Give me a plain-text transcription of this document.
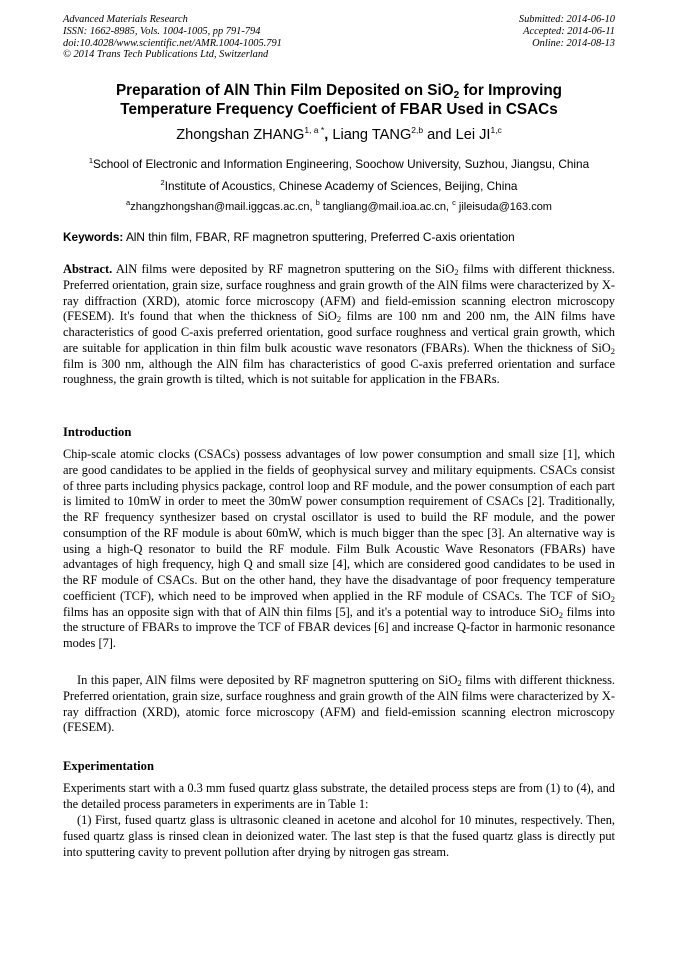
Advanced Materials Research
ISSN: 1662-8985, Vols. 1004-1005, pp 791-794
doi:10.4028/www.scientific.net/AMR.1004-1005.791
© 2014 Trans Tech Publications Ltd, Switzerland
Submitted: 2014-06-10
Accepted: 2014-06-11
Online: 2014-08-13
Preparation of AlN Thin Film Deposited on SiO$_2$ for Improving
Temperature Frequency Coefficient of FBAR Used in CSACs
Zhongshan $ZHANG^{1, a *}$, Liang TANG$^{2,b}$ and Lei JI$^{1,c}$
$^1$School of Electronic and Information Engineering, Soochow University, Suzhou, Jiangsu, China
$^2$Institute of Acoustics, Chinese Academy of Sciences, Beijing, China
$^a$zhangzhongshan@mail.iggcas.ac.cn, $^b$ tangliang@mail.ioa.ac.cn, $^c$ jileisuda@163.com
Keywords: AlN thin film, FBAR, RF magnetron sputtering, Preferred C-axis orientation
Abstract. AlN films were deposited by RF magnetron sputtering on the SiO$_2$ films with different thickness. Preferred orientation, grain size, surface roughness and grain growth of the AlN films were characterized by X-ray diffraction (XRD), atomic force microscopy (AFM) and field-emission scanning electron microscopy (FESEM). It's found that when the thickness of SiO$_2$ films are 100 nm and 200 nm, the AlN films have characteristics of good C-axis preferred orientation, good surface roughness and vertical grain growth, which are suitable for application in thin film bulk acoustic wave resonators (FBARs). When the thickness of SiO$_2$ film is 300 nm, although the AlN film has characteristics of good C-axis preferred orientation and surface roughness, the grain growth is tilted, which is not suitable for application in the FBARs.
Introduction
Chip-scale atomic clocks (CSACs) possess advantages of low power consumption and small size [1], which are good candidates to be applied in the fields of geophysical survey and military equipments. CSACs consist of three parts including physics package, control loop and RF module, and the power consumption of each part is limited to 10mW in order to meet the 30mW power consumption requirement of CSACs [2]. Traditionally, the RF frequency synthesizer based on crystal oscillator is used to build the RF module, and the power consumption of the RF module is about 60mW, which is much bigger than the spec [3]. An alternative way is using a high-Q resonator to build the RF module. Film Bulk Acoustic Wave Resonators (FBARs) have advantages of high frequency, high Q and small size [4], which are considered good candidates to be used in the RF module of CSACs. But on the other hand, they have the disadvantage of poor frequency temperature coefficient (TCF), which need to be improved when applied in the RF module of CSACs. The TCF of SiO$_2$ films has an opposite sign with that of AlN thin films [5], and it's a potential way to introduce SiO$_2$ films into the structure of FBARs to improve the TCF of FBAR devices [6] and increase Q-factor in harmonic resonance modes [7].
In this paper, AlN films were deposited by RF magnetron sputtering on SiO$_2$ films with different thickness. Preferred orientation, grain size, surface roughness and grain growth of the AlN films were characterized by X-ray diffraction (XRD), atomic force microscopy (AFM) and field-emission scanning electron microscopy (FESEM).
Experimentation
Experiments start with a 0.3 mm fused quartz glass substrate, the detailed process steps are from (1) to (4), and the detailed process parameters in experiments are in Table 1:
(1) First, fused quartz glass is ultrasonic cleaned in acetone and alcohol for 10 minutes, respectively. Then, fused quartz glass is rinsed clean in deionized water. The last step is that the fused quartz glass is directly put into sputtering cavity to prevent pollution after drying by nitrogen gas stream.
